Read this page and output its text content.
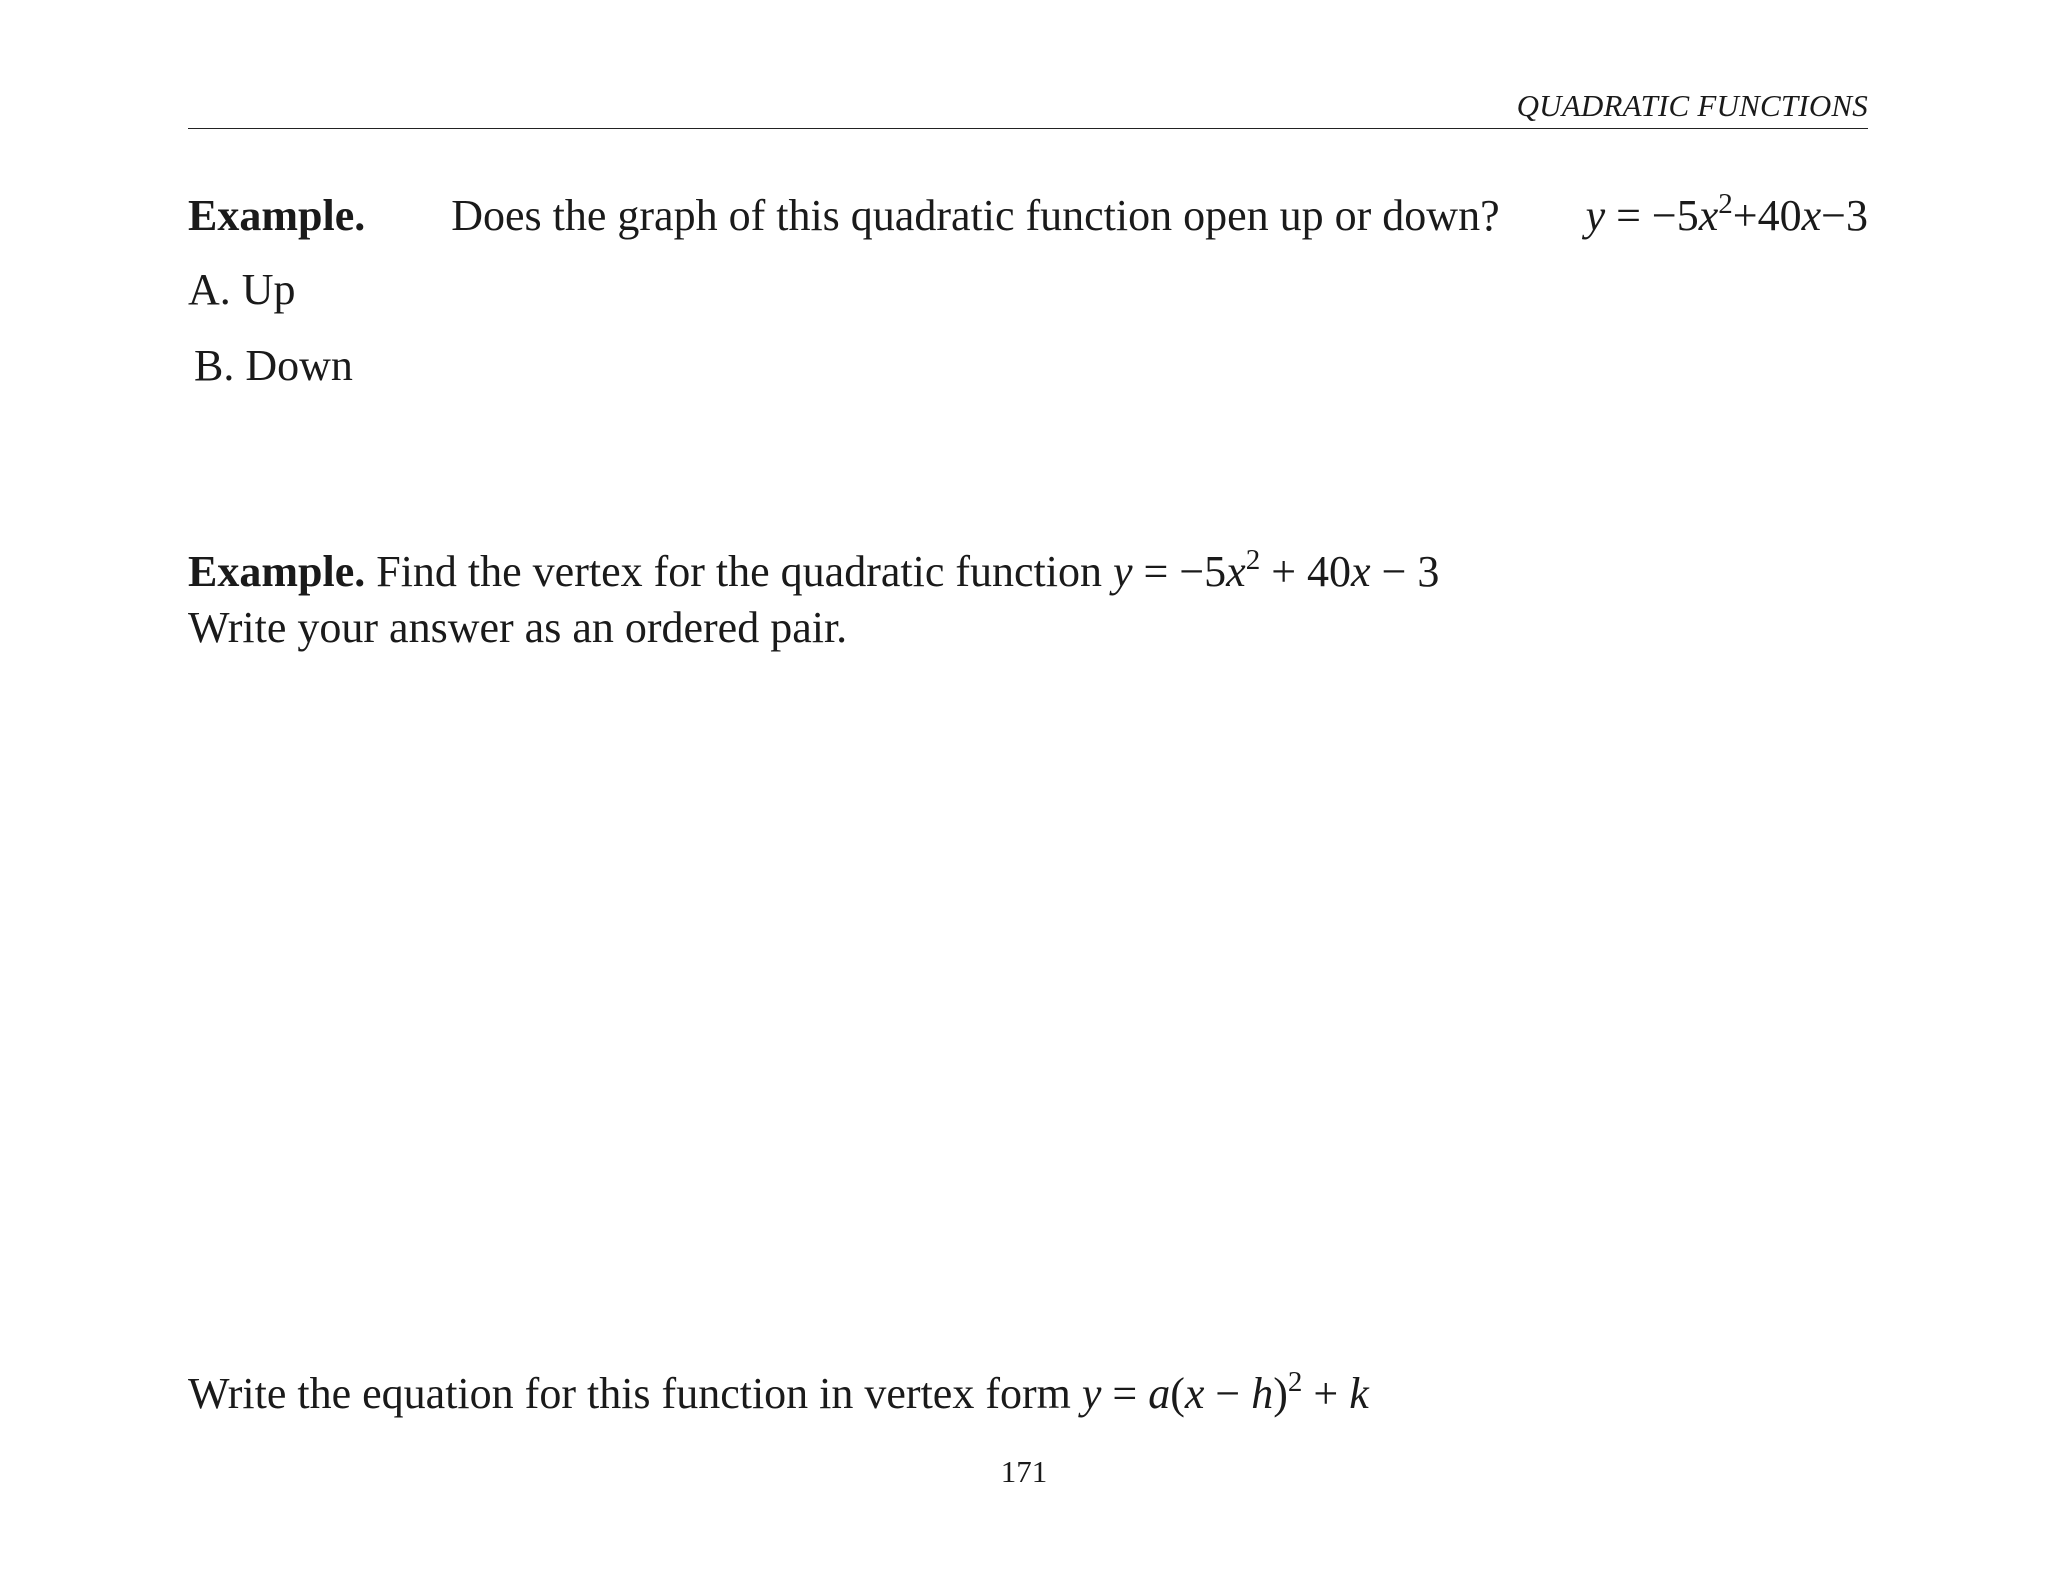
QUADRATIC FUNCTIONS
Example. Does the graph of this quadratic function open up or down? $y = -5x^2+40x-3$
A. Up
B. Down
Example. Find the vertex for the quadratic function $y = -5x^2 + 40x - 3$
Write your answer as an ordered pair.
Write the equation for this function in vertex form $y = a(x - h)^2 + k$
171
